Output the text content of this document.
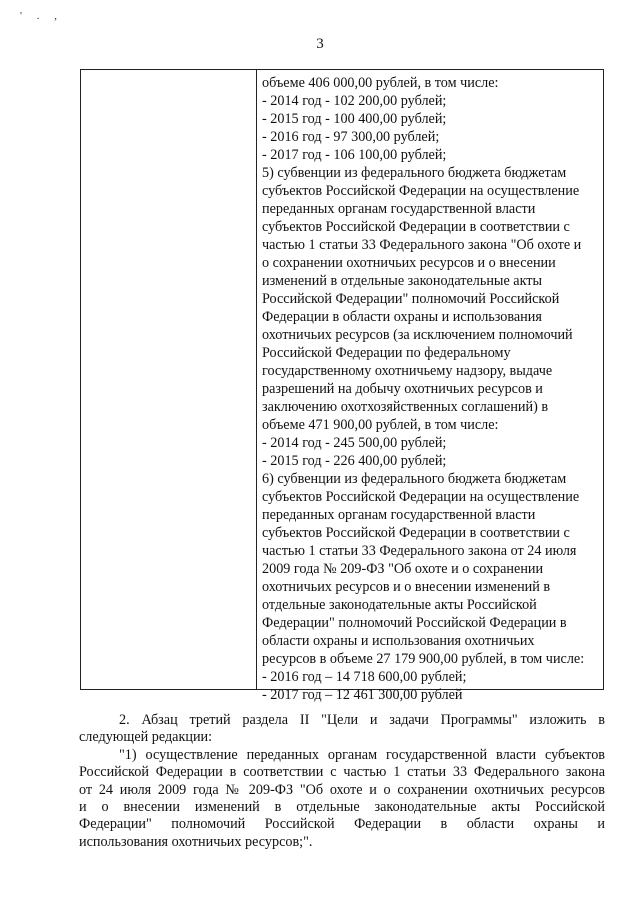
' . ,
3
объеме 406 000,00 рублей, в том числе:
- 2014 год - 102 200,00 рублей;
- 2015 год - 100 400,00 рублей;
- 2016 год - 97 300,00 рублей;
- 2017 год - 106 100,00 рублей;
5) субвенции из федерального бюджета бюджетам
субъектов Российской Федерации на осуществление
переданных органам государственной власти
субъектов Российской Федерации в соответствии с
частью 1 статьи 33 Федерального закона "Об охоте и
о сохранении охотничьих ресурсов и о внесении
изменений в отдельные законодательные акты
Российской Федерации" полномочий Российской
Федерации в области охраны и использования
охотничьих ресурсов (за исключением полномочий
Российской Федерации по федеральному
государственному охотничьему надзору, выдаче
разрешений на добычу охотничьих ресурсов и
заключению охотхозяйственных соглашений) в
объеме 471 900,00 рублей, в том числе:
- 2014 год - 245 500,00 рублей;
- 2015 год - 226 400,00 рублей;
6) субвенции из федерального бюджета бюджетам
субъектов Российской Федерации на осуществление
переданных органам государственной власти
субъектов Российской Федерации в соответствии с
частью 1 статьи 33 Федерального закона от 24 июля
2009 года № 209-ФЗ "Об охоте и о сохранении
охотничьих ресурсов и о внесении изменений в
отдельные законодательные акты Российской
Федерации" полномочий Российской Федерации в
области охраны и использования охотничьих
ресурсов в объеме 27 179 900,00 рублей, в том числе:
- 2016 год – 14 718 600,00 рублей;
- 2017 год – 12 461 300,00 рублей
2. Абзац третий раздела II "Цели и задачи Программы" изложить в
следующей редакции:
"1) осуществление переданных органам государственной власти субъектов
Российской Федерации в соответствии с частью 1 статьи 33 Федерального закона
от 24 июля 2009 года № 209-ФЗ "Об охоте и о сохранении охотничьих ресурсов
и о внесении изменений в отдельные законодательные акты Российской
Федерации" полномочий Российской Федерации в области охраны и
использования охотничьих ресурсов;".
